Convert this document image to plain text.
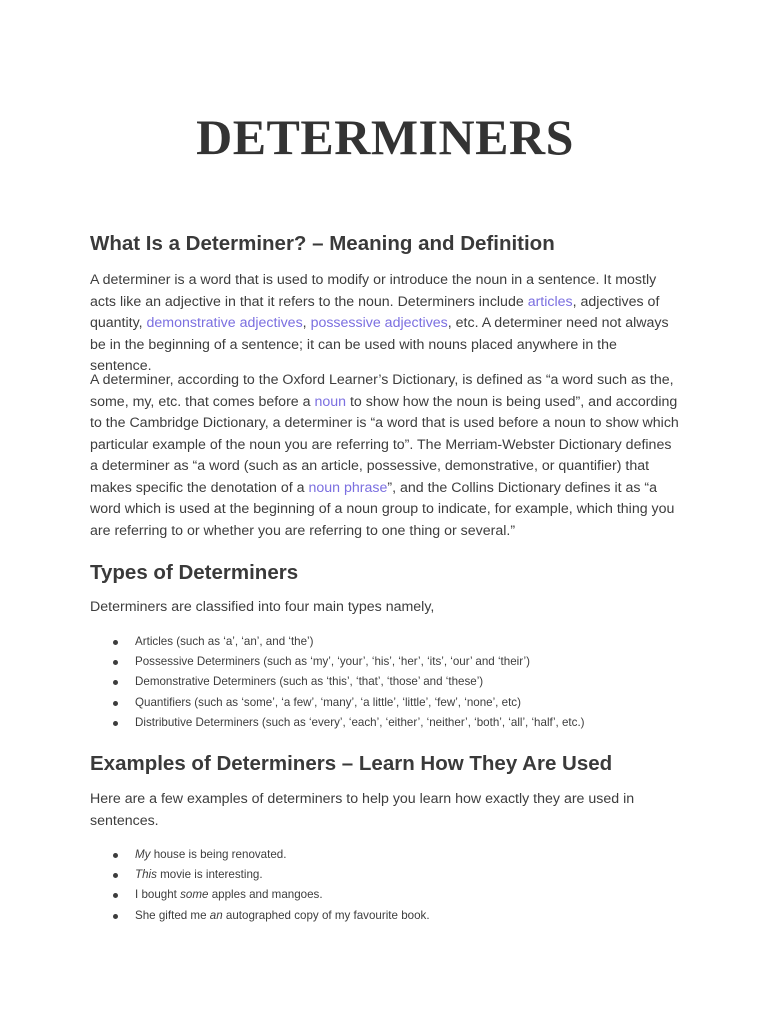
DETERMINERS
What Is a Determiner? – Meaning and Definition

A determiner is a word that is used to modify or introduce the noun in a sentence. It mostly acts like an adjective in that it refers to the noun. Determiners include articles, adjectives of quantity, demonstrative adjectives, possessive adjectives, etc. A determiner need not always be in the beginning of a sentence; it can be used with nouns placed anywhere in the sentence.

A determiner, according to the Oxford Learner’s Dictionary, is defined as “a word such as the, some, my, etc. that comes before a noun to show how the noun is being used”, and according to the Cambridge Dictionary, a determiner is “a word that is used before a noun to show which particular example of the noun you are referring to”. The Merriam-Webster Dictionary defines a determiner as “a word (such as an article, possessive, demonstrative, or quantifier) that makes specific the denotation of a noun phrase”, and the Collins Dictionary defines it as “a word which is used at the beginning of a noun group to indicate, for example, which thing you are referring to or whether you are referring to one thing or several.”

Types of Determiners

Determiners are classified into four main types namely,

Articles (such as ‘a’, ‘an’, and ‘the’)
Possessive Determiners (such as ‘my’, ‘your’, ‘his’, ‘her’, ‘its’, ‘our’ and ‘their’)
Demonstrative Determiners (such as ‘this’, ‘that’, ‘those’ and ‘these’)
Quantifiers (such as ‘some’, ‘a few’, ‘many’, ‘a little’, ‘little’, ‘few’, ‘none’, etc)
Distributive Determiners (such as ‘every’, ‘each’, ‘either’, ‘neither’, ‘both’, ‘all’, ‘half’, etc.)
Examples of Determiners – Learn How They Are Used

Here are a few examples of determiners to help you learn how exactly they are used in sentences.

My house is being renovated.
This movie is interesting.
I bought some apples and mangoes.
She gifted me an autographed copy of my favourite book.
